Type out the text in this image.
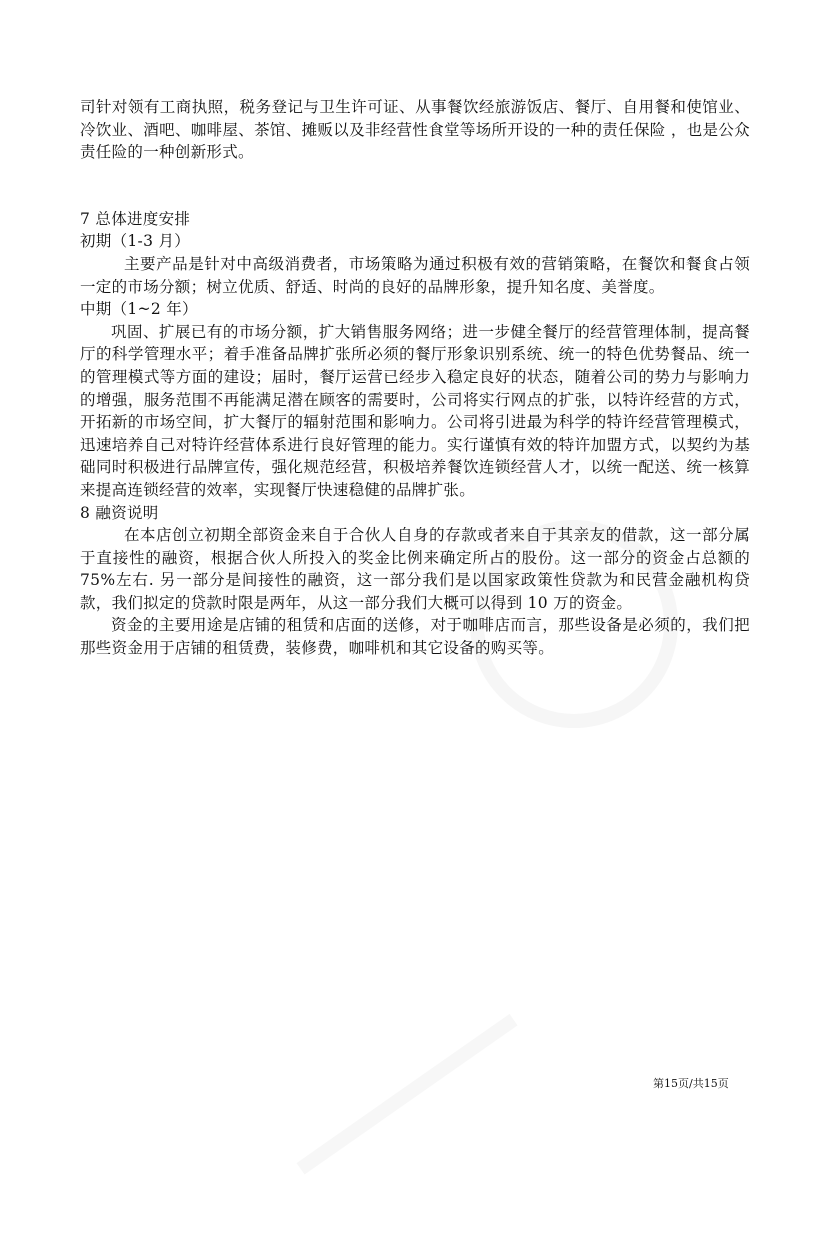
司针对领有工商执照，税务登记与卫生许可证、从事餐饮经旅游饭店、餐厅、自用餐和使馆业、冷饮业、酒吧、咖啡屋、茶馆、摊贩以及非经营性食堂等场所开设的一种的责任保险 ，也是公众责任险的一种创新形式。

7 总体进度安排

初期（1-3 月）

主要产品是针对中高级消费者，市场策略为通过积极有效的营销策略，在餐饮和餐食占领一定的市场分额；树立优质、舒适、时尚的良好的品牌形象，提升知名度、美誉度。

中期（1~2 年）

巩固、扩展已有的市场分额，扩大销售服务网络；进一步健全餐厅的经营管理体制，提高餐厅的科学管理水平；着手准备品牌扩张所必须的餐厅形象识别系统、统一的特色优势餐品、统一的管理模式等方面的建设；届时，餐厅运营已经步入稳定良好的状态，随着公司的势力与影响力的增强，服务范围不再能满足潜在顾客的需要时，公司将实行网点的扩张，以特许经营的方式，开拓新的市场空间，扩大餐厅的辐射范围和影响力。公司将引进最为科学的特许经营管理模式，迅速培养自己对特许经营体系进行良好管理的能力。实行谨慎有效的特许加盟方式，以契约为基础同时积极进行品牌宣传，强化规范经营，积极培养餐饮连锁经营人才，以统一配送、统一核算来提高连锁经营的效率，实现餐厅快速稳健的品牌扩张。

8 融资说明

在本店创立初期全部资金来自于合伙人自身的存款或者来自于其亲友的借款，这一部分属于直接性的融资，根据合伙人所投入的奖金比例来确定所占的股份。这一部分的资金占总额的 75%左右. 另一部分是间接性的融资，这一部分我们是以国家政策性贷款为和民营金融机构贷款，我们拟定的贷款时限是两年，从这一部分我们大概可以得到 10 万的资金。

资金的主要用途是店铺的租赁和店面的送修，对于咖啡店而言，那些设备是必须的，我们把那些资金用于店铺的租赁费，装修费，咖啡机和其它设备的购买等。

第15页/共15页
